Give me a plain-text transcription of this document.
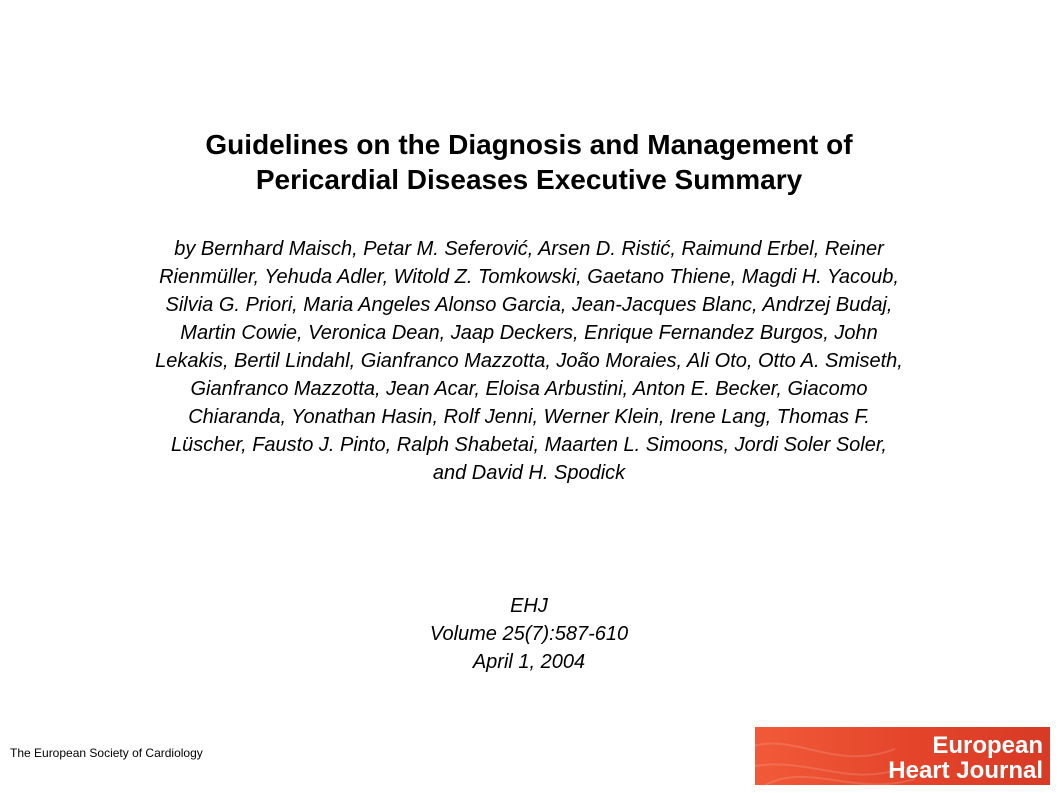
Guidelines on the Diagnosis and Management of
Pericardial Diseases Executive Summary

by Bernhard Maisch, Petar M. Seferović, Arsen D. Ristić, Raimund Erbel, Reiner
Rienmüller, Yehuda Adler, Witold Z. Tomkowski, Gaetano Thiene, Magdi H. Yacoub,
Silvia G. Priori, Maria Angeles Alonso Garcia, Jean-Jacques Blanc, Andrzej Budaj,
Martin Cowie, Veronica Dean, Jaap Deckers, Enrique Fernandez Burgos, John
Lekakis, Bertil Lindahl, Gianfranco Mazzotta, João Moraies, Ali Oto, Otto A. Smiseth,
Gianfranco Mazzotta, Jean Acar, Eloisa Arbustini, Anton E. Becker, Giacomo
Chiaranda, Yonathan Hasin, Rolf Jenni, Werner Klein, Irene Lang, Thomas F.
Lüscher, Fausto J. Pinto, Ralph Shabetai, Maarten L. Simoons, Jordi Soler Soler,
and David H. Spodick

EHJ
Volume 25(7):587-610
April 1, 2004

The European Society of Cardiology	European
Heart Journal
